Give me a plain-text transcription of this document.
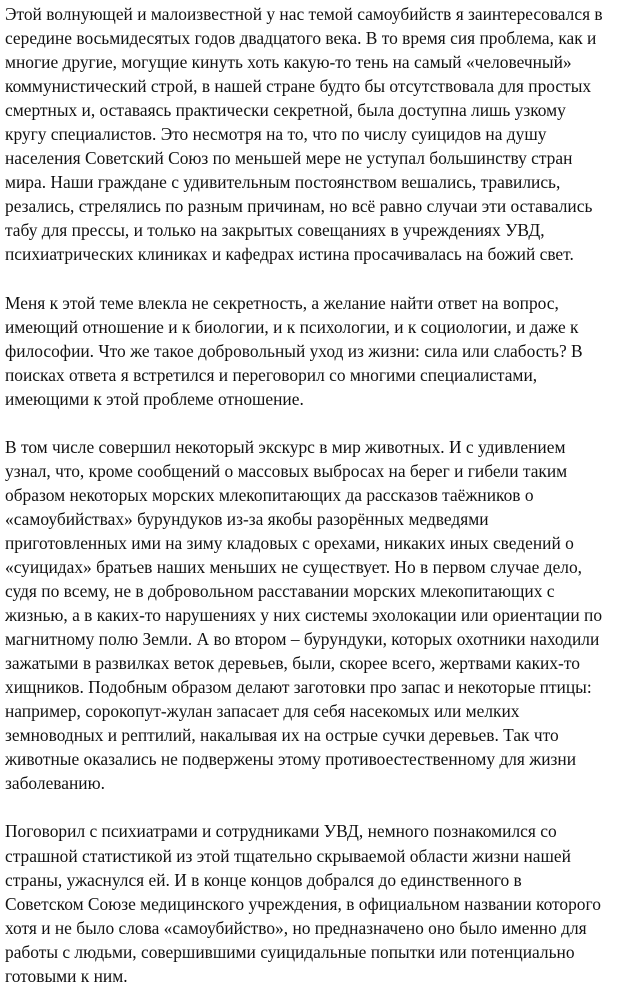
Этой волнующей и малоизвестной у нас темой самоубийств я заинтересовался в
середине восьмидесятых годов двадцатого века. В то время сия проблема, как и
многие другие, могущие кинуть хоть какую-то тень на самый «человечный»
коммунистический строй, в нашей стране будто бы отсутствовала для простых
смертных и, оставаясь практически секретной, была доступна лишь узкому
кругу специалистов. Это несмотря на то, что по числу суицидов на душу
населения Советский Союз по меньшей мере не уступал большинству стран
мира. Наши граждане с удивительным постоянством вешались, травились,
резались, стрелялись по разным причинам, но всё равно случаи эти оставались
табу для прессы, и только на закрытых совещаниях в учреждениях УВД,
психиатрических клиниках и кафедрах истина просачивалась на божий свет.

Меня к этой теме влекла не секретность, а желание найти ответ на вопрос,
имеющий отношение и к биологии, и к психологии, и к социологии, и даже к
философии. Что же такое добровольный уход из жизни: сила или слабость? В
поисках ответа я встретился и переговорил со многими специалистами,
имеющими к этой проблеме отношение.

В том числе совершил некоторый экскурс в мир животных. И с удивлением
узнал, что, кроме сообщений о массовых выбросах на берег и гибели таким
образом некоторых морских млекопитающих да рассказов таёжников о
«самоубийствах» бурундуков из-за якобы разорённых медведями
приготовленных ими на зиму кладовых с орехами, никаких иных сведений о
«суицидах» братьев наших меньших не существует. Но в первом случае дело,
судя по всему, не в добровольном расставании морских млекопитающих с
жизнью, а в каких-то нарушениях у них системы эхолокации или ориентации по
магнитному полю Земли. А во втором – бурундуки, которых охотники находили
зажатыми в развилках веток деревьев, были, скорее всего, жертвами каких-то
хищников. Подобным образом делают заготовки про запас и некоторые птицы:
например, сорокопут-жулан запасает для себя насекомых или мелких
земноводных и рептилий, накалывая их на острые сучки деревьев. Так что
животные оказались не подвержены этому противоестественному для жизни
заболеванию.

Поговорил с психиатрами и сотрудниками УВД, немного познакомился со
страшной статистикой из этой тщательно скрываемой области жизни нашей
страны, ужаснулся ей. И в конце концов добрался до единственного в
Советском Союзе медицинского учреждения, в официальном названии которого
хотя и не было слова «самоубийство», но предназначено оно было именно для
работы с людьми, совершившими суицидальные попытки или потенциально
готовыми к ним.
